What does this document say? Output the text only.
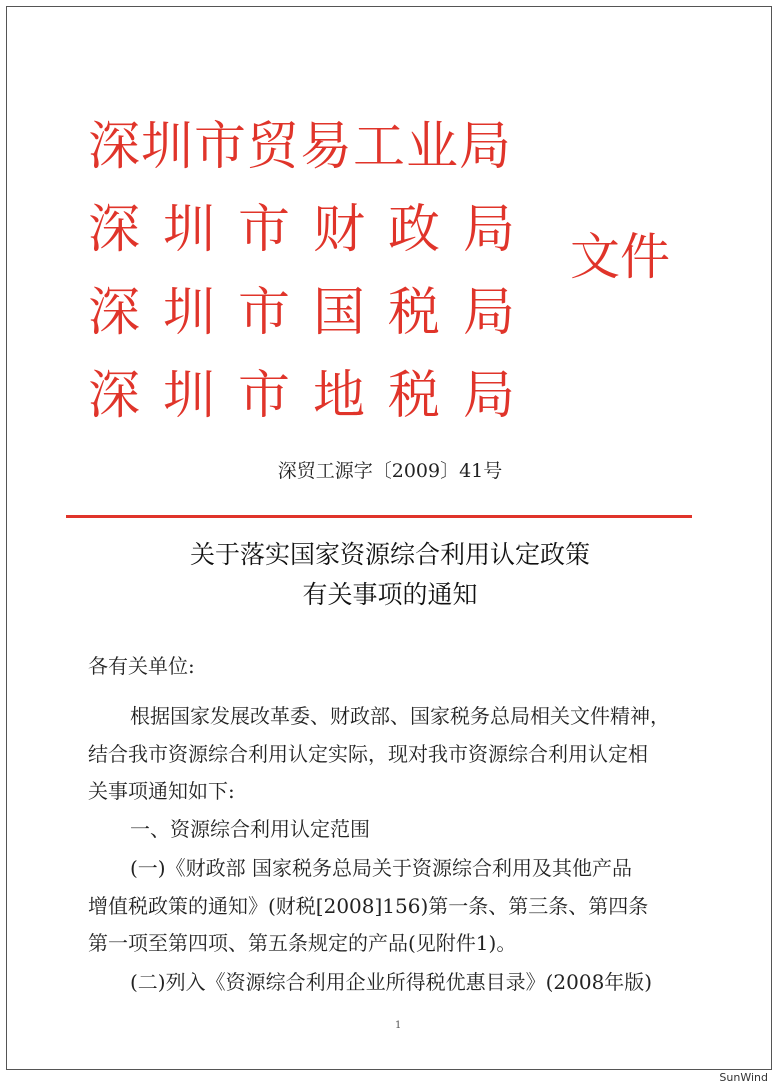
深圳市贸易工业局
深圳市财政局
深圳市国税局
深圳市地税局
文件
深贸工源字〔2009〕41号
关于落实国家资源综合利用认定政策
有关事项的通知
各有关单位:
根据国家发展改革委、财政部、国家税务总局相关文件精神，
结合我市资源综合利用认定实际，现对我市资源综合利用认定相
关事项通知如下:
一、资源综合利用认定范围
(一)《财政部 国家税务总局关于资源综合利用及其他产品
增值税政策的通知》(财税[2008]156)第一条、第三条、第四条
第一项至第四项、第五条规定的产品(见附件1)。
(二)列入《资源综合利用企业所得税优惠目录》(2008年版)
1
SunWind
